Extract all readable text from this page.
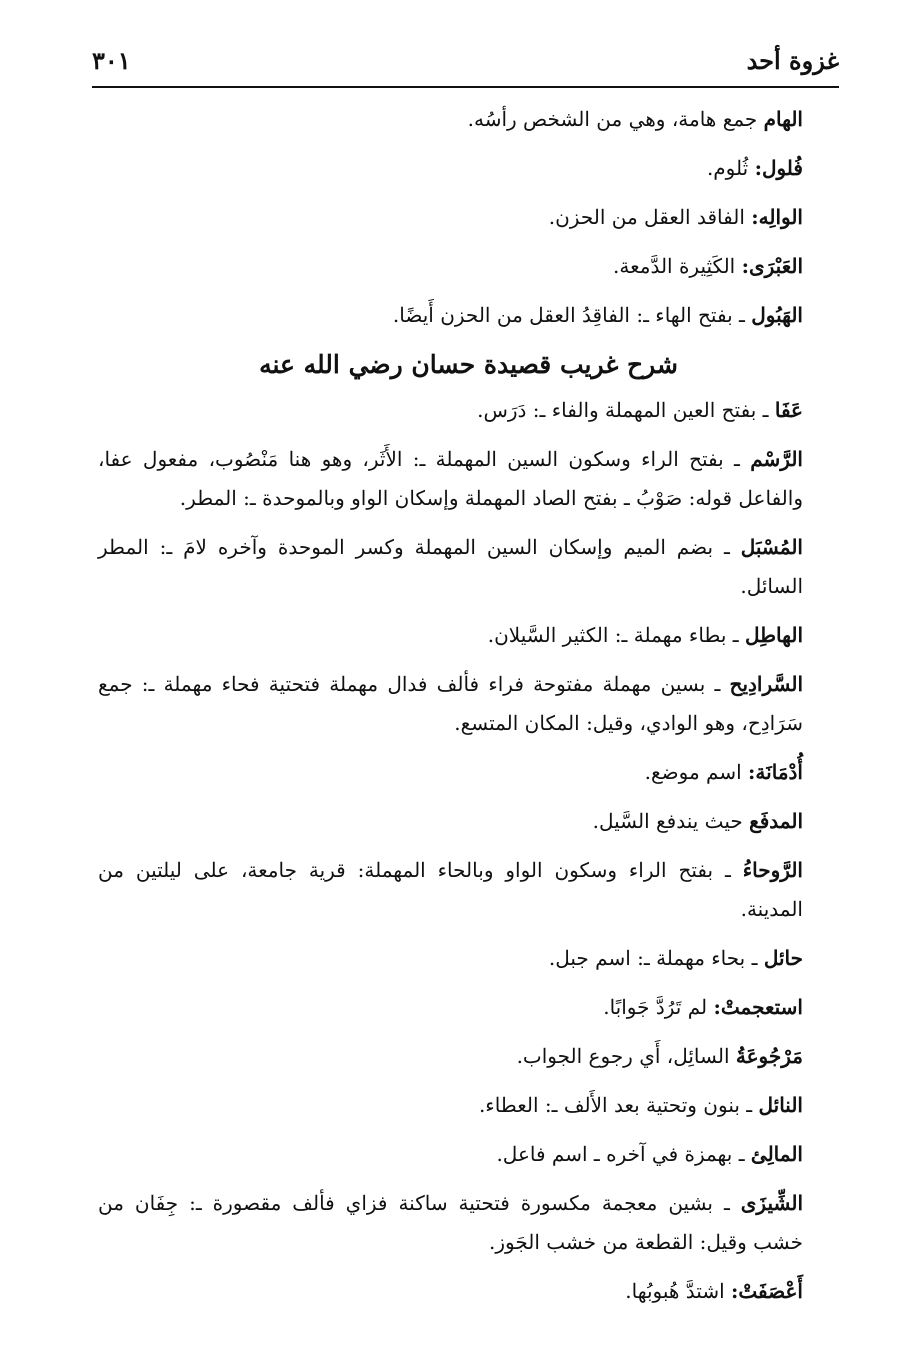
غزوة أحد
٣٠١

الهام جمع هامة، وهي من الشخص رأسُه.

فُلول: ثُلوم.

الوالِه: الفاقد العقل من الحزن.

العَبْرَى: الكَثِيرة الدَّمعة.

الهَبُول ـ بفتح الهاء ـ: الفاقِدُ العقل من الحزن أَيضًا.

شرح غريب قصيدة حسان رضي الله عنه

عَفَا ـ بفتح العين المهملة والفاء ـ: دَرَس.

الرَّسْم ـ بفتح الراء وسكون السين المهملة ـ: الأَثَر، وهو هنا مَنْصُوب، مفعول عفا، والفاعل قوله: صَوْبُ ـ بفتح الصاد المهملة وإسكان الواو وبالموحدة ـ: المطر.

المُسْبَل ـ بضم الميم وإسكان السين المهملة وكسر الموحدة وآخره لامَ ـ: المطر السائل.

الهاطِل ـ بطاء مهملة ـ: الكثير السَّيلان.

السَّرادِيح ـ بسين مهملة مفتوحة فراء فألف فدال مهملة فتحتية فحاء مهملة ـ: جمع سَرَادِح، وهو الوادي، وقيل: المكان المتسع.

أُدْمَانَة: اسم موضع.

المدفَع حيث يندفع السَّيل.

الرَّوحاءُ ـ بفتح الراء وسكون الواو وبالحاء المهملة: قرية جامعة، على ليلتين من المدينة.

حائل ـ بحاء مهملة ـ: اسم جبل.

استعجمتْ: لم تَرُدَّ جَوابًا.

مَرْجُوعَةُ السائِل، أَي رجوع الجواب.

النائل ـ بنون وتحتية بعد الأَلف ـ: العطاء.

المالِئ ـ بهمزة في آخره ـ اسم فاعل.

الشِّيزَى ـ بشين معجمة مكسورة فتحتية ساكنة فزاي فألف مقصورة ـ: جِفَان من خشب وقيل: القطعة من خشب الجَوز.

أَعْصَفَتْ: اشتدَّ هُبوبُها.
